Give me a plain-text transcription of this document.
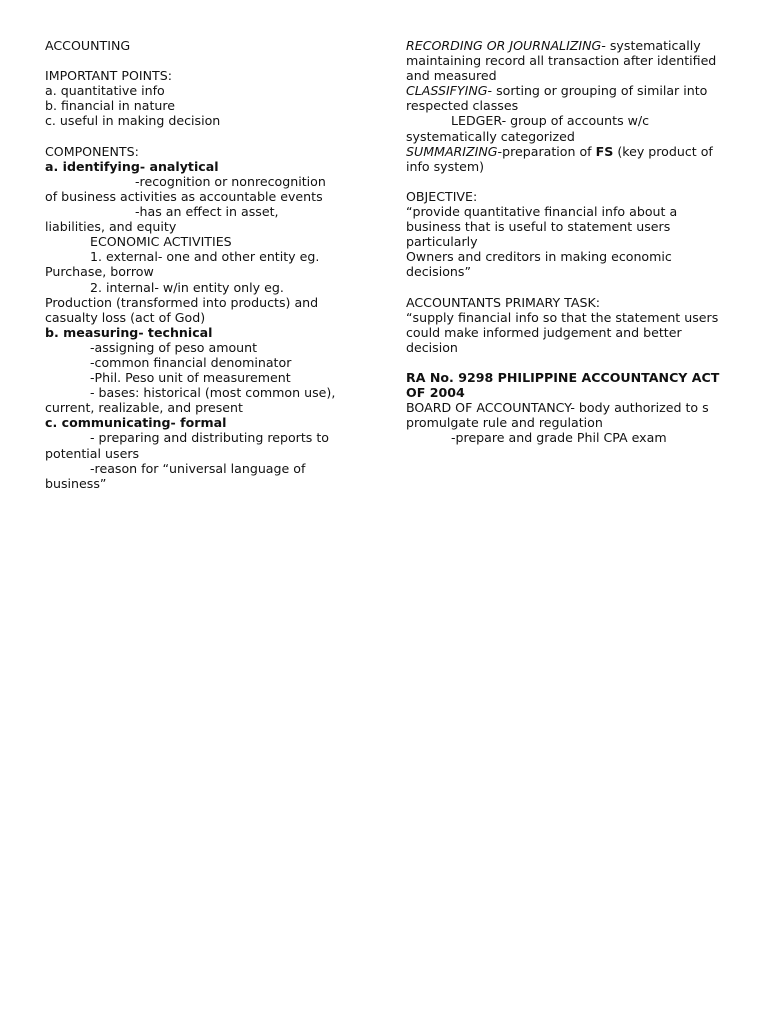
ACCOUNTING

IMPORTANT POINTS:

a. quantitative info

b. financial in nature

c. useful in making decision

COMPONENTS:

a. identifying- analytical

-recognition or nonrecognition

of business activities as accountable events

-has an effect in asset,

liabilities, and equity

ECONOMIC ACTIVITIES

1. external- one and other entity eg.

Purchase, borrow

2. internal- w/in entity only eg.

Production (transformed into products) and casualty loss (act of God)

b. measuring- technical

-assigning of peso amount

-common financial denominator

-Phil. Peso unit of measurement

- bases: historical (most common use),

current, realizable, and present

c. communicating- formal

- preparing and distributing reports to

potential users

-reason for “universal language of

business”

RECORDING OR JOURNALIZING- systematically maintaining record all transaction after identified and measured

CLASSIFYING- sorting or grouping of similar into respected classes

LEDGER- group of accounts w/c

systematically categorized

SUMMARIZING-preparation of FS (key product of info system)

OBJECTIVE:

“provide quantitative financial info about a business that is useful to statement users particularly

Owners and creditors in making economic decisions”

ACCOUNTANTS PRIMARY TASK:

“supply financial info so that the statement users could make informed judgement and better decision

RA No. 9298 PHILIPPINE ACCOUNTANCY ACT OF 2004

BOARD OF ACCOUNTANCY- body authorized to s

promulgate rule and regulation

-prepare and grade Phil CPA exam
